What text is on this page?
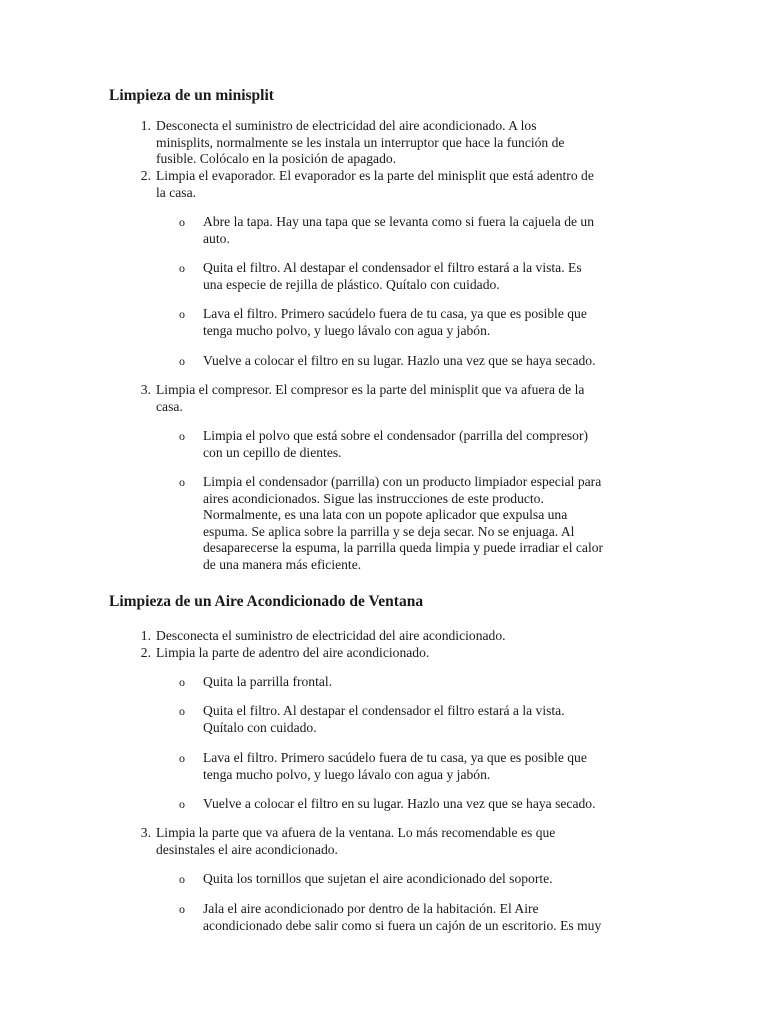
Limpieza de un minisplit
1. Desconecta el suministro de electricidad del aire acondicionado. A los
minisplits, normalmente se les instala un interruptor que hace la función de
fusible. Colócalo en la posición de apagado.
2. Limpia el evaporador. El evaporador es la parte del minisplit que está adentro de
la casa.
o Abre la tapa. Hay una tapa que se levanta como si fuera la cajuela de un
auto.
o Quita el filtro. Al destapar el condensador el filtro estará a la vista. Es
una especie de rejilla de plástico. Quítalo con cuidado.
o Lava el filtro. Primero sacúdelo fuera de tu casa, ya que es posible que
tenga mucho polvo, y luego lávalo con agua y jabón.
o Vuelve a colocar el filtro en su lugar. Hazlo una vez que se haya secado.
3. Limpia el compresor. El compresor es la parte del minisplit que va afuera de la
casa.
o Limpia el polvo que está sobre el condensador (parrilla del compresor)
con un cepillo de dientes.
o Limpia el condensador (parrilla) con un producto limpiador especial para
aires acondicionados. Sigue las instrucciones de este producto.
Normalmente, es una lata con un popote aplicador que expulsa una
espuma. Se aplica sobre la parrilla y se deja secar. No se enjuaga. Al
desaparecerse la espuma, la parrilla queda limpia y puede irradiar el calor
de una manera más eficiente.
Limpieza de un Aire Acondicionado de Ventana
1. Desconecta el suministro de electricidad del aire acondicionado.
2. Limpia la parte de adentro del aire acondicionado.
o Quita la parrilla frontal.
o Quita el filtro. Al destapar el condensador el filtro estará a la vista.
Quítalo con cuidado.
o Lava el filtro. Primero sacúdelo fuera de tu casa, ya que es posible que
tenga mucho polvo, y luego lávalo con agua y jabón.
o Vuelve a colocar el filtro en su lugar. Hazlo una vez que se haya secado.
3. Limpia la parte que va afuera de la ventana. Lo más recomendable es que
desinstales el aire acondicionado.
o Quita los tornillos que sujetan el aire acondicionado del soporte.
o Jala el aire acondicionado por dentro de la habitación. El Aire
acondicionado debe salir como si fuera un cajón de un escritorio. Es muy
